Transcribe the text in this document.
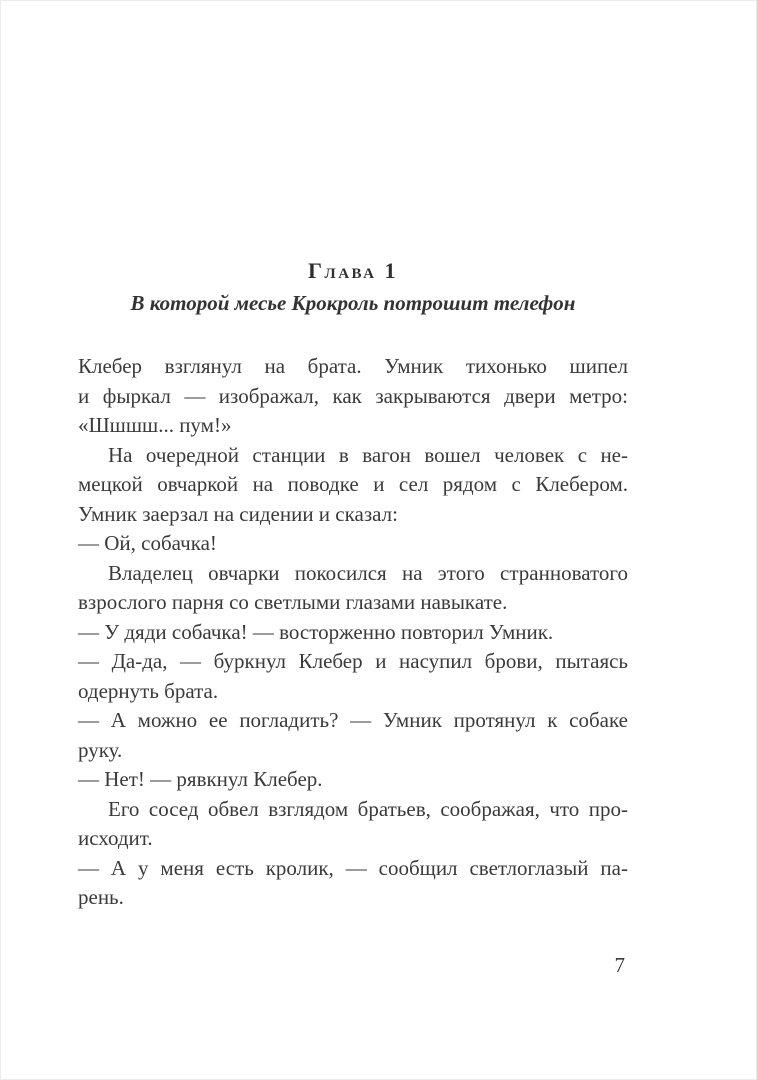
Глава 1
В которой месье Крокроль потрошит телефон
Клебер взглянул на брата. Умник тихонько шипел
и фыркал — изображал, как закрываются двери метро:
«Шшшш... пум!»
На очередной станции в вагон вошел человек с не-
мецкой овчаркой на поводке и сел рядом с Клебером.
Умник заерзал на сидении и сказал:
— Ой, собачка!
Владелец овчарки покосился на этого странноватого
взрослого парня со светлыми глазами навыкате.
— У дяди собачка! — восторженно повторил Умник.
— Да-да, — буркнул Клебер и насупил брови, пытаясь
одернуть брата.
— А можно ее погладить? — Умник протянул к собаке
руку.
— Нет! — рявкнул Клебер.
Его сосед обвел взглядом братьев, соображая, что про-
исходит.
— А у меня есть кролик, — сообщил светлоглазый па-
рень.
7
